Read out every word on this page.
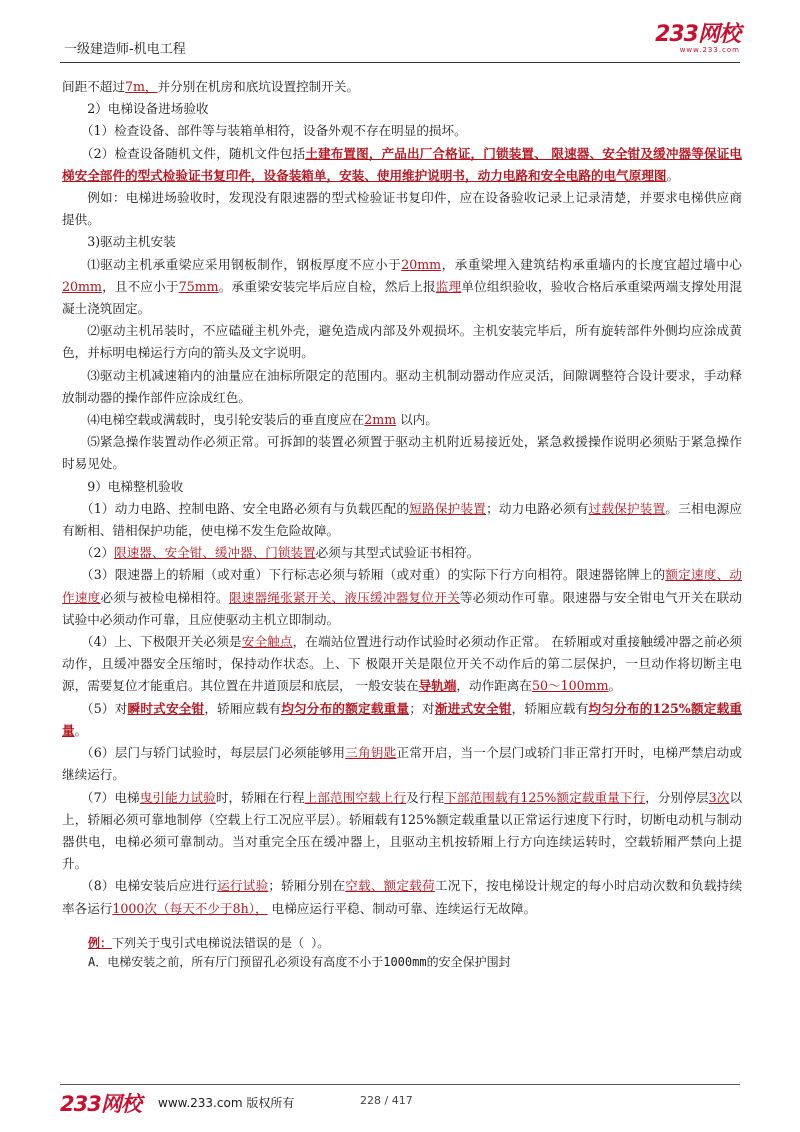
一级建造师-机电工程
233网校
www.233.com

间距不超过7m，并分别在机房和底坑设置控制开关。

2）电梯设备进场验收

（1）检查设备、部件等与装箱单相符，设备外观不存在明显的损坏。

（2）检查设备随机文件，随机文件包括土建布置图，产品出厂合格证，门锁装置、 限速器、安全钳及缓冲器等保证电梯安全部件的型式检验证书复印件，设备装箱单，安装、使用维护说明书，动力电路和安全电路的电气原理图。

例如：电梯进场验收时，发现没有限速器的型式检验证书复印件，应在设备验收记录上记录清楚，并要求电梯供应商提供。

3)驱动主机安装

⑴驱动主机承重梁应采用钢板制作，钢板厚度不应小于20mm，承重梁埋入建筑结构承重墙内的长度宜超过墙中心20mm，且不应小于75mm。承重梁安装完毕后应自检，然后上报监理单位组织验收，验收合格后承重梁两端支撑处用混凝土浇筑固定。

⑵驱动主机吊装时，不应磕碰主机外壳，避免造成内部及外观损坏。主机安装完毕后，所有旋转部件外侧均应涂成黄色，并标明电梯运行方向的箭头及文字说明。

⑶驱动主机减速箱内的油量应在油标所限定的范围内。驱动主机制动器动作应灵活，间隙调整符合设计要求，手动释放制动器的操作部件应涂成红色。

⑷电梯空载或满载时，曳引轮安装后的垂直度应在2mm 以内。

⑸紧急操作装置动作必须正常。可拆卸的装置必须置于驱动主机附近易接近处，紧急救援操作说明必须贴于紧急操作时易见处。

9）电梯整机验收

（1）动力电路、控制电路、安全电路必须有与负载匹配的短路保护装置；动力电路必须有过载保护装置。三相电源应有断相、错相保护功能，使电梯不发生危险故障。

（2）限速器、安全钳、缓冲器、门锁装置必须与其型式试验证书相符。

（3）限速器上的轿厢（或对重）下行标志必须与轿厢（或对重）的实际下行方向相符。限速器铭牌上的额定速度、动作速度必须与被检电梯相符。限速器绳张紧开关、液压缓冲器复位开关等必须动作可靠。限速器与安全钳电气开关在联动试验中必须动作可靠，且应使驱动主机立即制动。

（4）上、下极限开关必须是安全触点，在端站位置进行动作试验时必须动作正常。 在轿厢或对重接触缓冲器之前必须动作，且缓冲器安全压缩时，保持动作状态。上、下 极限开关是限位开关不动作后的第二层保护，一旦动作将切断主电源，需要复位才能重启。其位置在井道顶层和底层， 一般安装在导轨端，动作距离在50～100mm。

（5）对瞬时式安全钳，轿厢应载有均匀分布的额定载重量；对渐进式安全钳，轿厢应载有均匀分布的125%额定载重量。

（6）层门与轿门试验时，每层层门必须能够用三角钥匙正常开启，当一个层门或轿门非正常打开时，电梯严禁启动或继续运行。

（7）电梯曳引能力试验时，轿厢在行程上部范围空载上行及行程下部范围载有125%额定载重量下行，分别停层3次以上，轿厢必须可靠地制停（空载上行工况应平层）。轿厢载有125%额定载重量以正常运行速度下行时，切断电动机与制动器供电，电梯必须可靠制动。当对重完全压在缓冲器上，且驱动主机按轿厢上行方向连续运转时，空载轿厢严禁向上提升。

（8）电梯安装后应进行运行试验；轿厢分别在空载、额定载荷工况下，按电梯设计规定的每小时启动次数和负载持续率各运行1000次（每天不少于8h）， 电梯应运行平稳、制动可靠、连续运行无故障。

例：下列关于曳引式电梯说法错误的是（ ）。

A．电梯安装之前，所有厅门预留孔必须设有高度不小于1000mm的安全保护围封

233网校 www.233.com 版权所有	228 / 417
